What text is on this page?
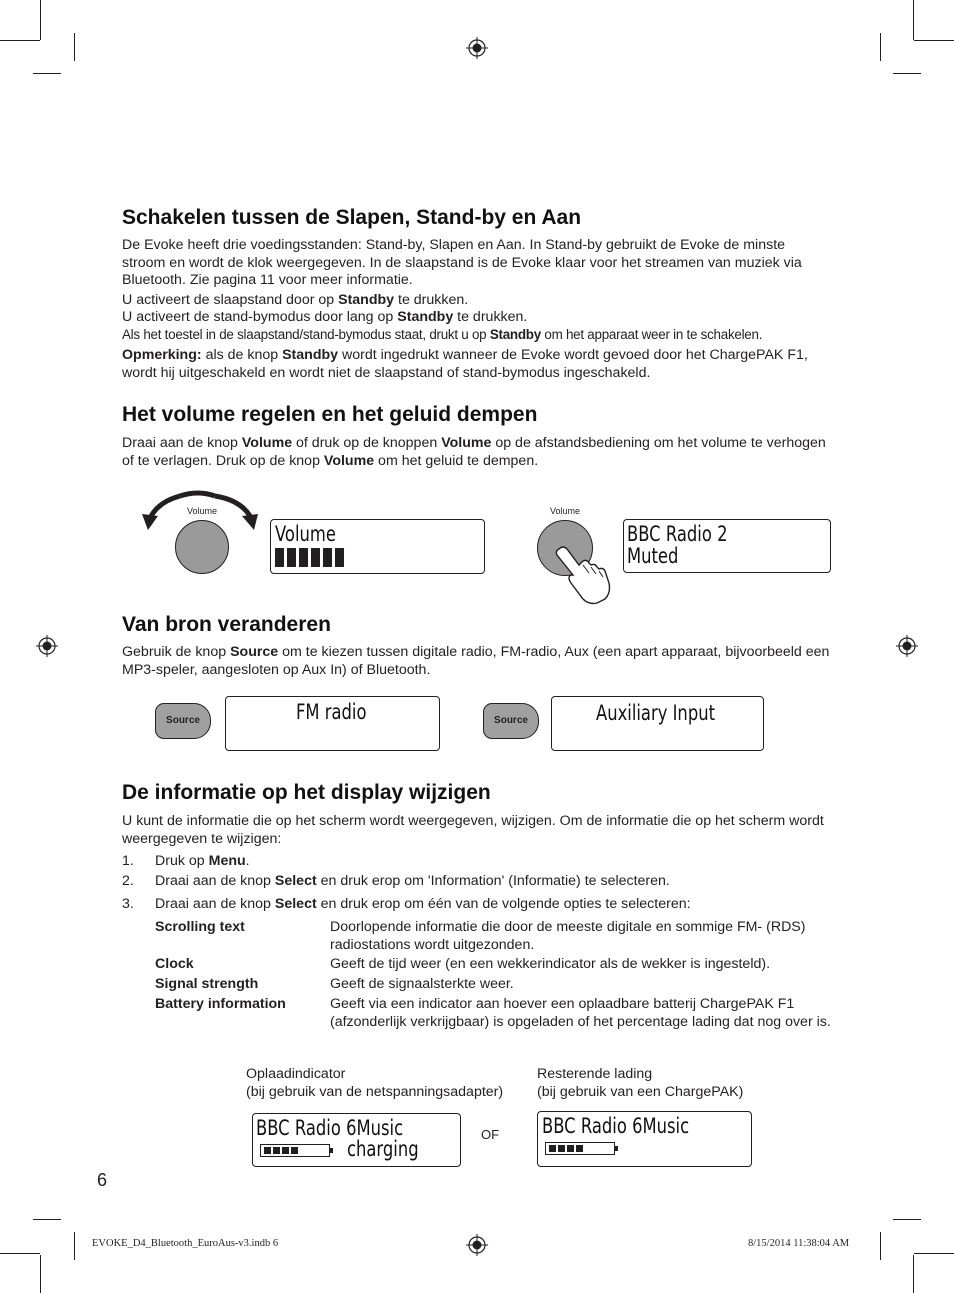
Schakelen tussen de Slapen, Stand-by en Aan
De Evoke heeft drie voedingsstanden: Stand-by, Slapen en Aan. In Stand-by gebruikt de Evoke de minste stroom en wordt de klok weergegeven. In de slaapstand is de Evoke klaar voor het streamen van muziek via Bluetooth. Zie pagina 11 voor meer informatie.
U activeert de slaapstand door op Standby te drukken.
U activeert de stand-bymodus door lang op Standby te drukken.
Als het toestel in de slaapstand/stand-bymodus staat, drukt u op Standby om het apparaat weer in te schakelen.
Opmerking: als de knop Standby wordt ingedrukt wanneer de Evoke wordt gevoed door het ChargePAK F1, wordt hij uitgeschakeld en wordt niet de slaapstand of stand-bymodus ingeschakeld.
Het volume regelen en het geluid dempen
Draai aan de knop Volume of druk op de knoppen Volume op de afstandsbediening om het volume te verhogen of te verlagen. Druk op de knop Volume om het geluid te dempen.
Volume
Volume
Volume
BBC Radio 2
Muted
Van bron veranderen
Gebruik de knop Source om te kiezen tussen digitale radio, FM-radio, Aux (een apart apparaat, bijvoorbeeld een MP3-speler, aangesloten op Aux In) of Bluetooth.
Source	FM radio	Source	Auxiliary Input
De informatie op het display wijzigen
U kunt de informatie die op het scherm wordt weergegeven, wijzigen. Om de informatie die op het scherm wordt weergegeven te wijzigen:
1. Druk op Menu.
2. Draai aan de knop Select en druk erop om 'Information' (Informatie) te selecteren.
3. Draai aan de knop Select en druk erop om één van de volgende opties te selecteren:
Scrolling text	Doorlopende informatie die door de meeste digitale en sommige FM- (RDS) radiostations wordt uitgezonden.
Clock	Geeft de tijd weer (en een wekkerindicator als de wekker is ingesteld).
Signal strength	Geeft de signaalsterkte weer.
Battery information	Geeft via een indicator aan hoever een oplaadbare batterij ChargePAK F1 (afzonderlijk verkrijgbaar) is opgeladen of het percentage lading dat nog over is.
Oplaadindicator
(bij gebruik van de netspanningsadapter)
Resterende lading
(bij gebruik van een ChargePAK)
BBC Radio 6Music
charging
OF BBC Radio 6Music
6
EVOKE_D4_Bluetooth_EuroAus-v3.indb 6	8/15/2014 11:38:04 AM
